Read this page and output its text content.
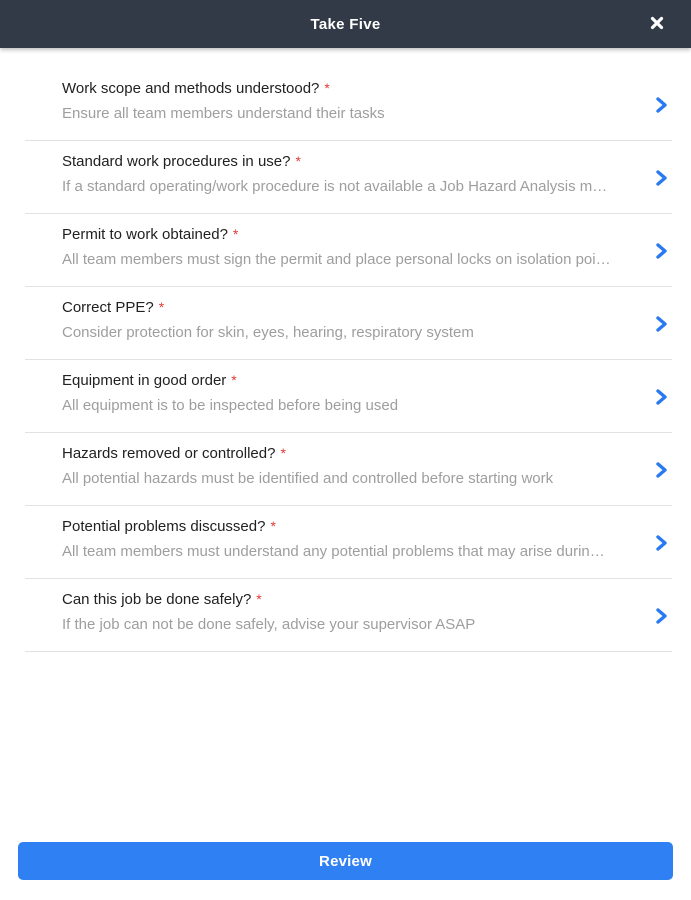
Take Five
Work scope and methods understood? *
Ensure all team members understand their tasks
Standard work procedures in use? *
If a standard operating/work procedure is not available a Job Hazard Analysis m…
Permit to work obtained? *
All team members must sign the permit and place personal locks on isolation poi…
Correct PPE? *
Consider protection for skin, eyes, hearing, respiratory system
Equipment in good order *
All equipment is to be inspected before being used
Hazards removed or controlled? *
All potential hazards must be identified and controlled before starting work
Potential problems discussed? *
All team members must understand any potential problems that may arise durin…
Can this job be done safely? *
If the job can not be done safely, advise your supervisor ASAP
Review
